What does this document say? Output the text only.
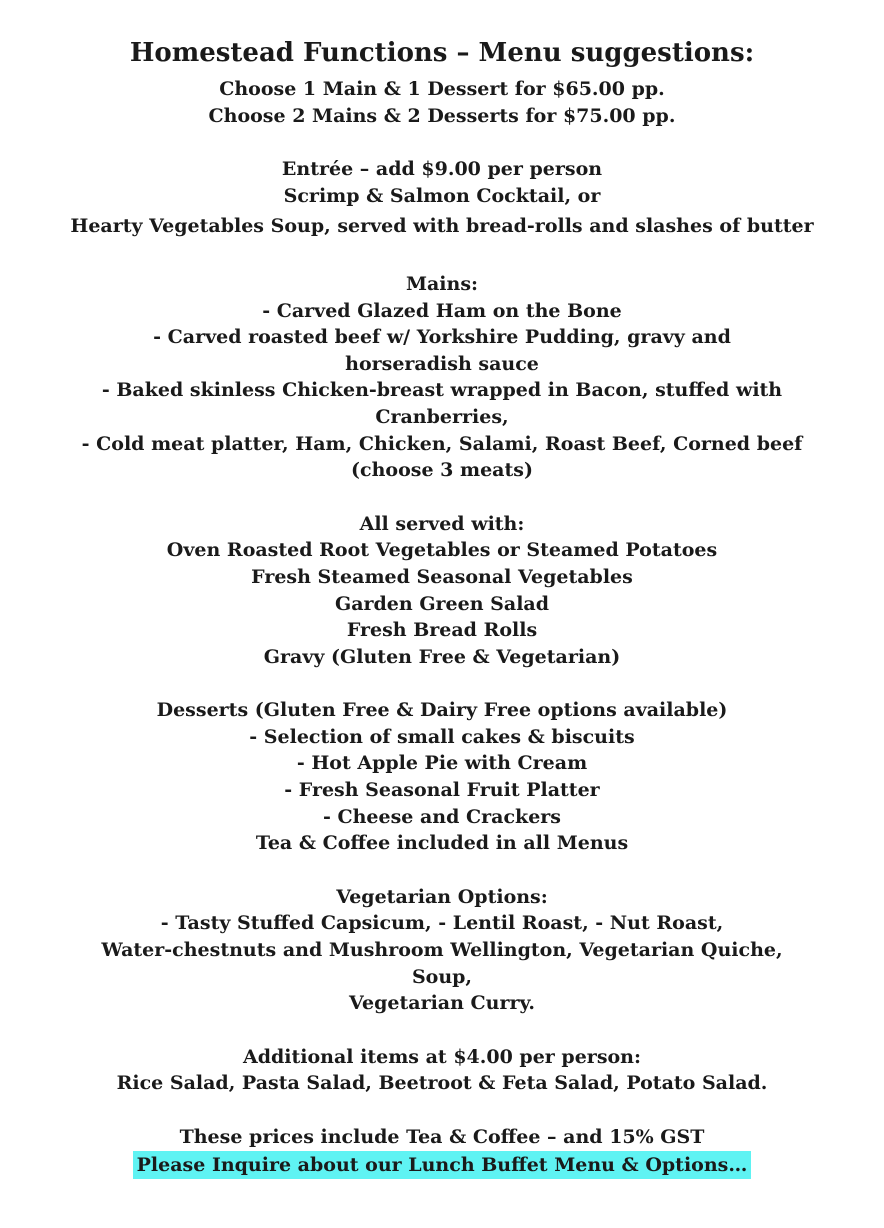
Homestead Functions – Menu suggestions:

Choose 1 Main & 1 Dessert for $65.00 pp.

Choose 2 Mains & 2 Desserts for $75.00 pp.

Entrée – add $9.00 per person

Scrimp & Salmon Cocktail, or

Hearty Vegetables Soup, served with bread-rolls and slashes of butter

Mains:

- Carved Glazed Ham on the Bone

- Carved roasted beef w/ Yorkshire Pudding, gravy and

horseradish sauce

- Baked skinless Chicken-breast wrapped in Bacon, stuffed with

Cranberries,

- Cold meat platter, Ham, Chicken, Salami, Roast Beef, Corned beef

(choose 3 meats)

All served with:

Oven Roasted Root Vegetables or Steamed Potatoes

Fresh Steamed Seasonal Vegetables

Garden Green Salad

Fresh Bread Rolls

Gravy (Gluten Free & Vegetarian)

Desserts (Gluten Free & Dairy Free options available)

- Selection of small cakes & biscuits

- Hot Apple Pie with Cream

- Fresh Seasonal Fruit Platter

- Cheese and Crackers

Tea & Coffee included in all Menus

Vegetarian Options:

- Tasty Stuffed Capsicum, - Lentil Roast, - Nut Roast,

Water-chestnuts and Mushroom Wellington, Vegetarian Quiche,

Soup,

Vegetarian Curry.

Additional items at $4.00 per person:

Rice Salad, Pasta Salad, Beetroot & Feta Salad, Potato Salad.

These prices include Tea & Coffee – and 15% GST

Please Inquire about our Lunch Buffet Menu & Options…
